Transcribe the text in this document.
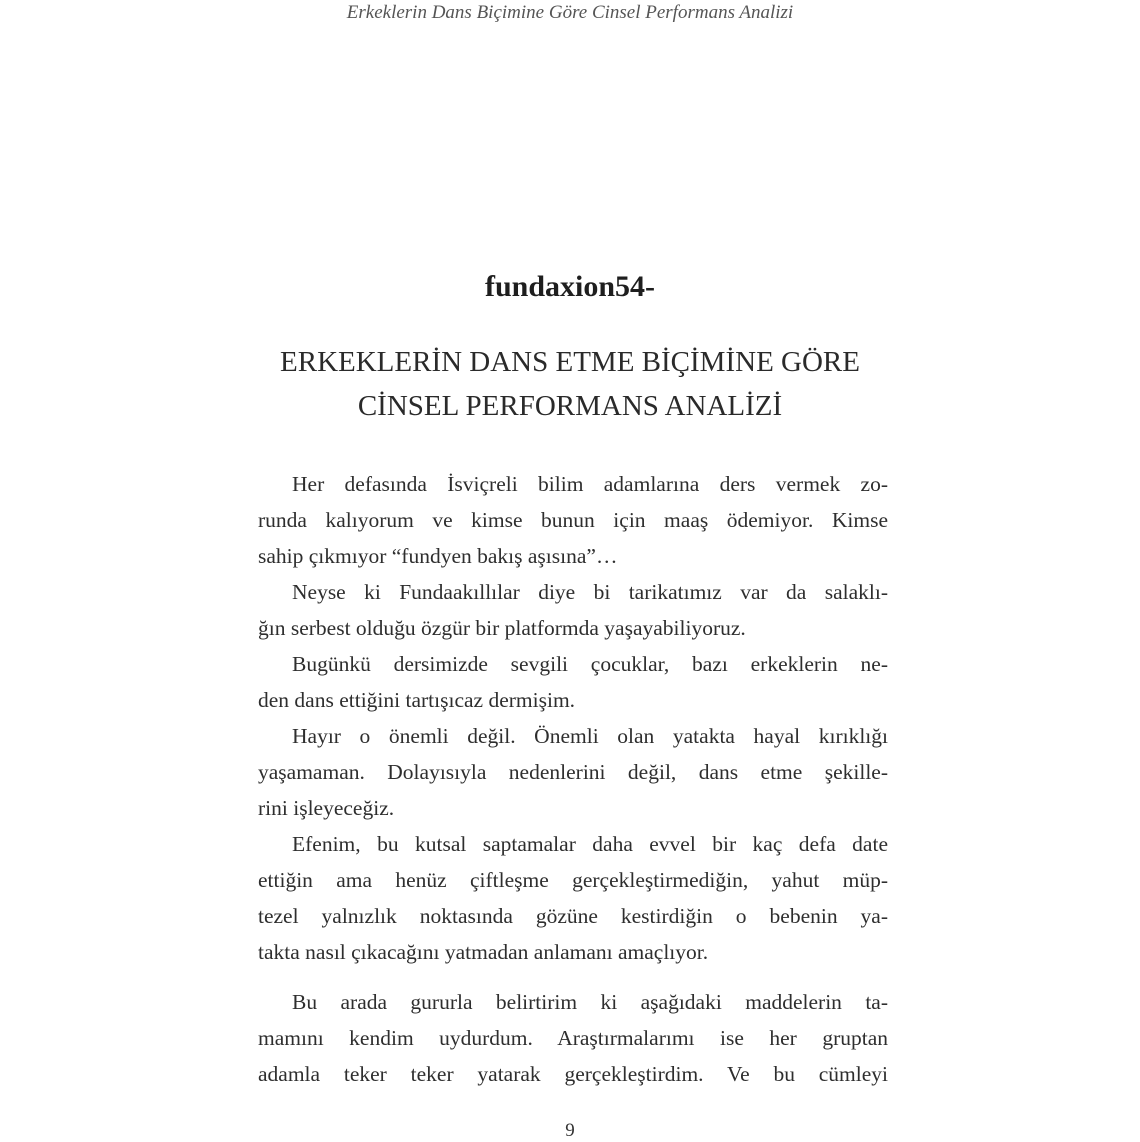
Erkeklerin Dans Biçimine Göre Cinsel Performans Analizi
fundaxion54-
ERKEKLERİN DANS ETME BİÇİMİNE GÖRE
CİNSEL PERFORMANS ANALİZİ
Her defasında İsviçreli bilim adamlarına ders vermek zo-
runda kalıyorum ve kimse bunun için maaş ödemiyor. Kimse
sahip çıkmıyor “fundyen bakış aşısına”…
Neyse ki Fundaakıllılar diye bi tarikatımız var da salaklı-
ğın serbest olduğu özgür bir platformda yaşayabiliyoruz.
Bugünkü dersimizde sevgili çocuklar, bazı erkeklerin ne-
den dans ettiğini tartışıcaz dermişim.
Hayır o önemli değil. Önemli olan yatakta hayal kırıklığı
yaşamaman. Dolayısıyla nedenlerini değil, dans etme şekille-
rini işleyeceğiz.
Efenim, bu kutsal saptamalar daha evvel bir kaç defa date
ettiğin ama henüz çiftleşme gerçekleştirmediğin, yahut müp-
tezel yalnızlık noktasında gözüne kestirdiğin o bebenin ya-
takta nasıl çıkacağını yatmadan anlamanı amaçlıyor.
Bu arada gururla belirtirim ki aşağıdaki maddelerin ta-
mamını kendim uydurdum. Araştırmalarımı ise her gruptan
adamla teker teker yatarak gerçekleştirdim. Ve bu cümleyi
9
